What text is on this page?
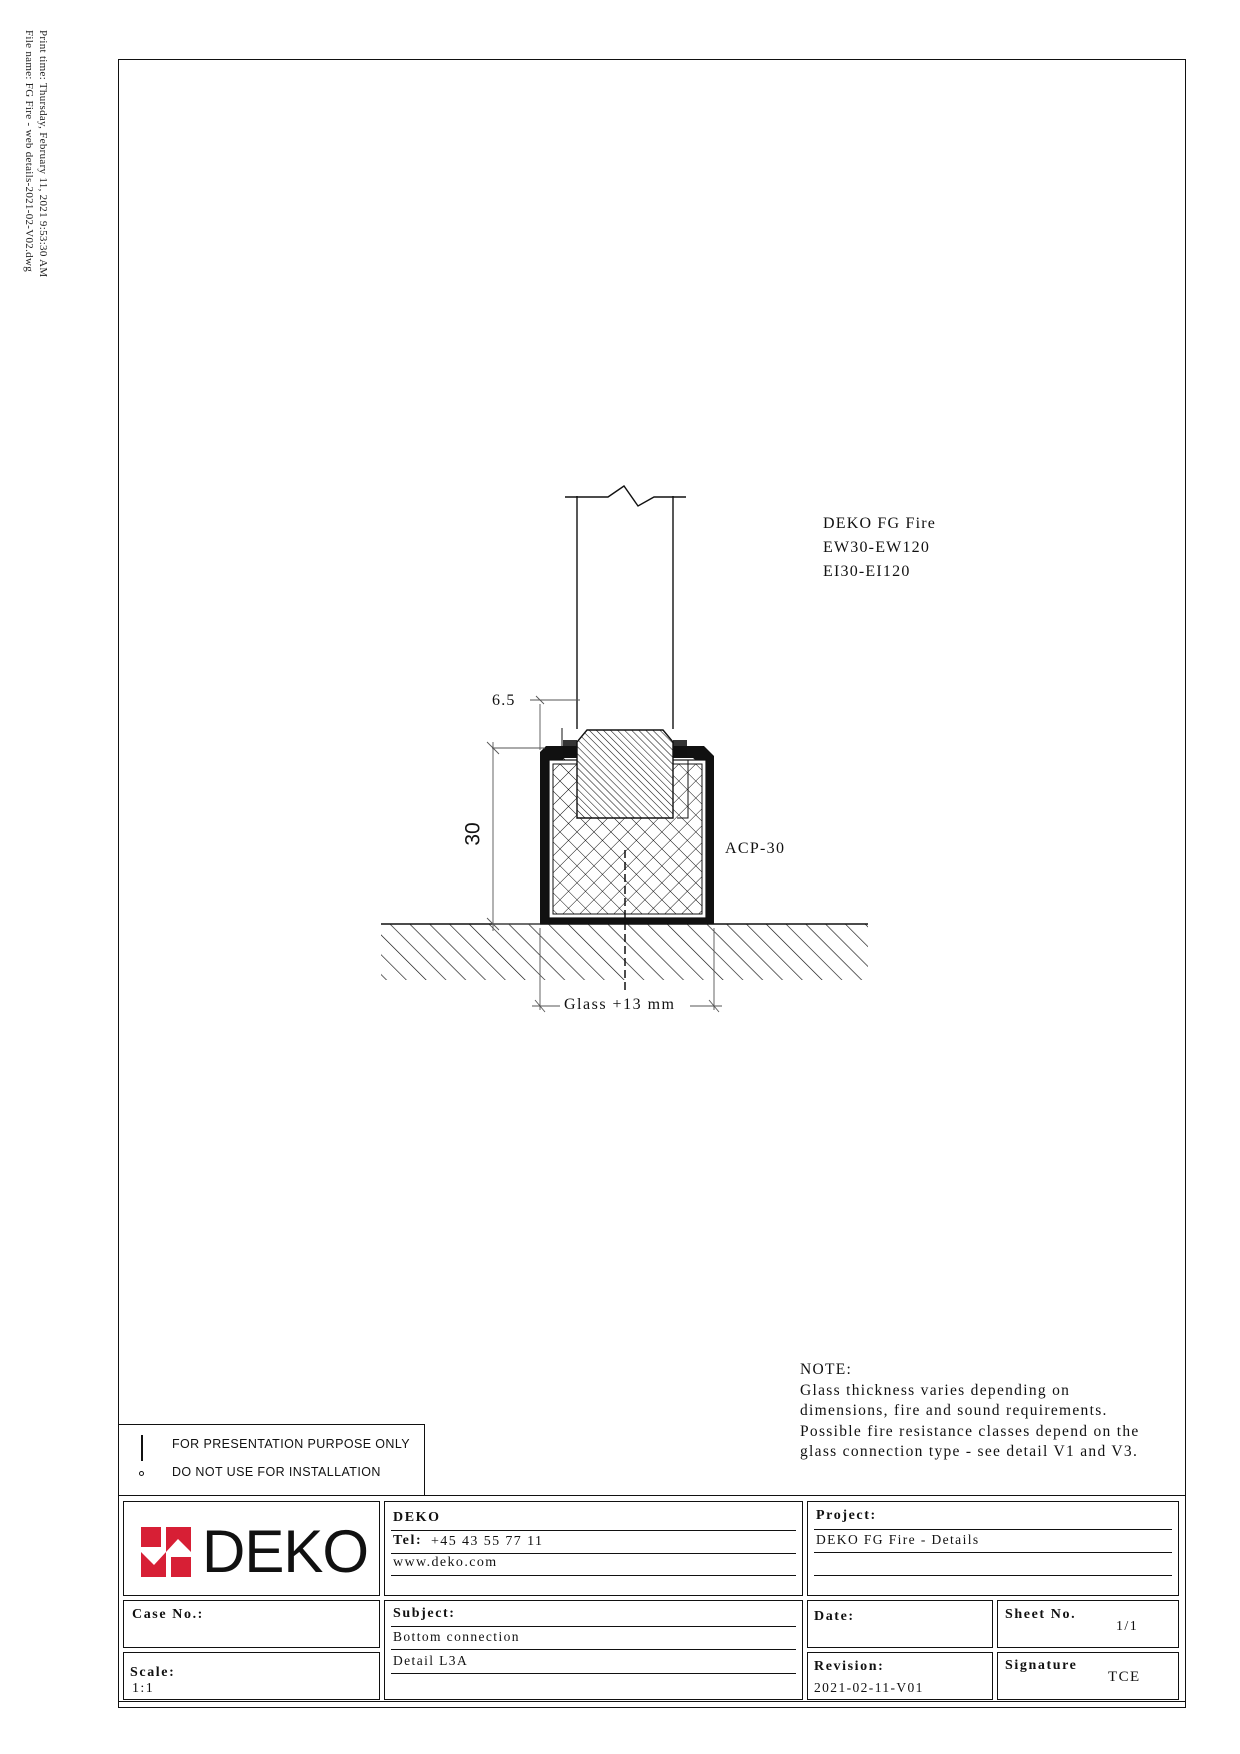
Print time: Thursday, February 11, 2021 9:53:30 AM
File name: FG Fire - web details-2021-02-V02.dwg
6.5
30
ACP-30
Glass +13 mm
DEKO FG Fire
EW30-EW120
EI30-EI120
NOTE:
Glass thickness varies depending on
dimensions, fire and sound requirements.
Possible fire resistance classes depend on the
glass connection type - see detail V1 and V3.
FOR PRESENTATION PURPOSE ONLY
DO NOT USE FOR INSTALLATION
DEKO
DEKO
Tel: +45 43 55 77 11
www.deko.com
Project:
DEKO FG Fire - Details
Case No.:
Scale:
1:1
Subject:
Bottom connection
Detail L3A
Date:	Sheet No.
1/1
Revision:
2021-02-11-V01
Signature
TCE
